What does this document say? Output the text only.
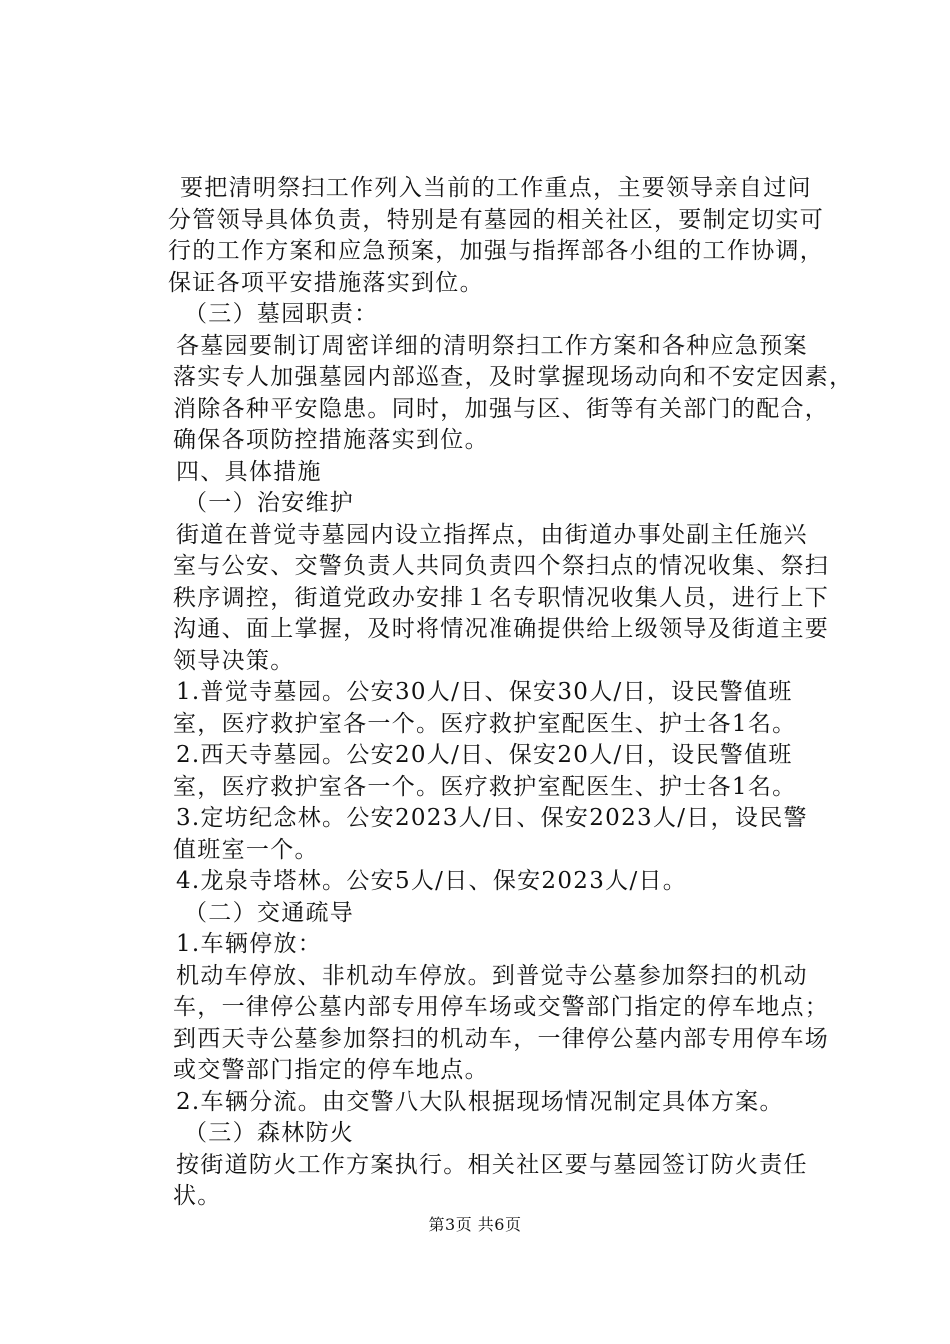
要把清明祭扫工作列入当前的工作重点，主要领导亲自过问
分管领导具体负责，特别是有墓园的相关社区，要制定切实可
行的工作方案和应急预案，加强与指挥部各小组的工作协调，
保证各项平安措施落实到位。
（三）墓园职责：
各墓园要制订周密详细的清明祭扫工作方案和各种应急预案
落实专人加强墓园内部巡查，及时掌握现场动向和不安定因素，
消除各种平安隐患。同时，加强与区、街等有关部门的配合，
确保各项防控措施落实到位。
四、具体措施
（一）治安维护
街道在普觉寺墓园内设立指挥点，由街道办事处副主任施兴
室与公安、交警负责人共同负责四个祭扫点的情况收集、祭扫
秩序调控，街道党政办安排１名专职情况收集人员，进行上下
沟通、面上掌握，及时将情况准确提供给上级领导及街道主要
领导决策。
1.普觉寺墓园。公安30人/日、保安30人/日，设民警值班
室，医疗救护室各一个。医疗救护室配医生、护士各1名。
2.西天寺墓园。公安20人/日、保安20人/日，设民警值班
室，医疗救护室各一个。医疗救护室配医生、护士各1名。
3.定坊纪念林。公安2023人/日、保安2023人/日，设民警
值班室一个。
4.龙泉寺塔林。公安5人/日、保安2023人/日。
（二）交通疏导
1.车辆停放：
机动车停放、非机动车停放。到普觉寺公墓参加祭扫的机动
车，一律停公墓内部专用停车场或交警部门指定的停车地点；
到西天寺公墓参加祭扫的机动车，一律停公墓内部专用停车场
或交警部门指定的停车地点。
2.车辆分流。由交警八大队根据现场情况制定具体方案。
（三）森林防火
按街道防火工作方案执行。相关社区要与墓园签订防火责任
状。
第3页 共6页
